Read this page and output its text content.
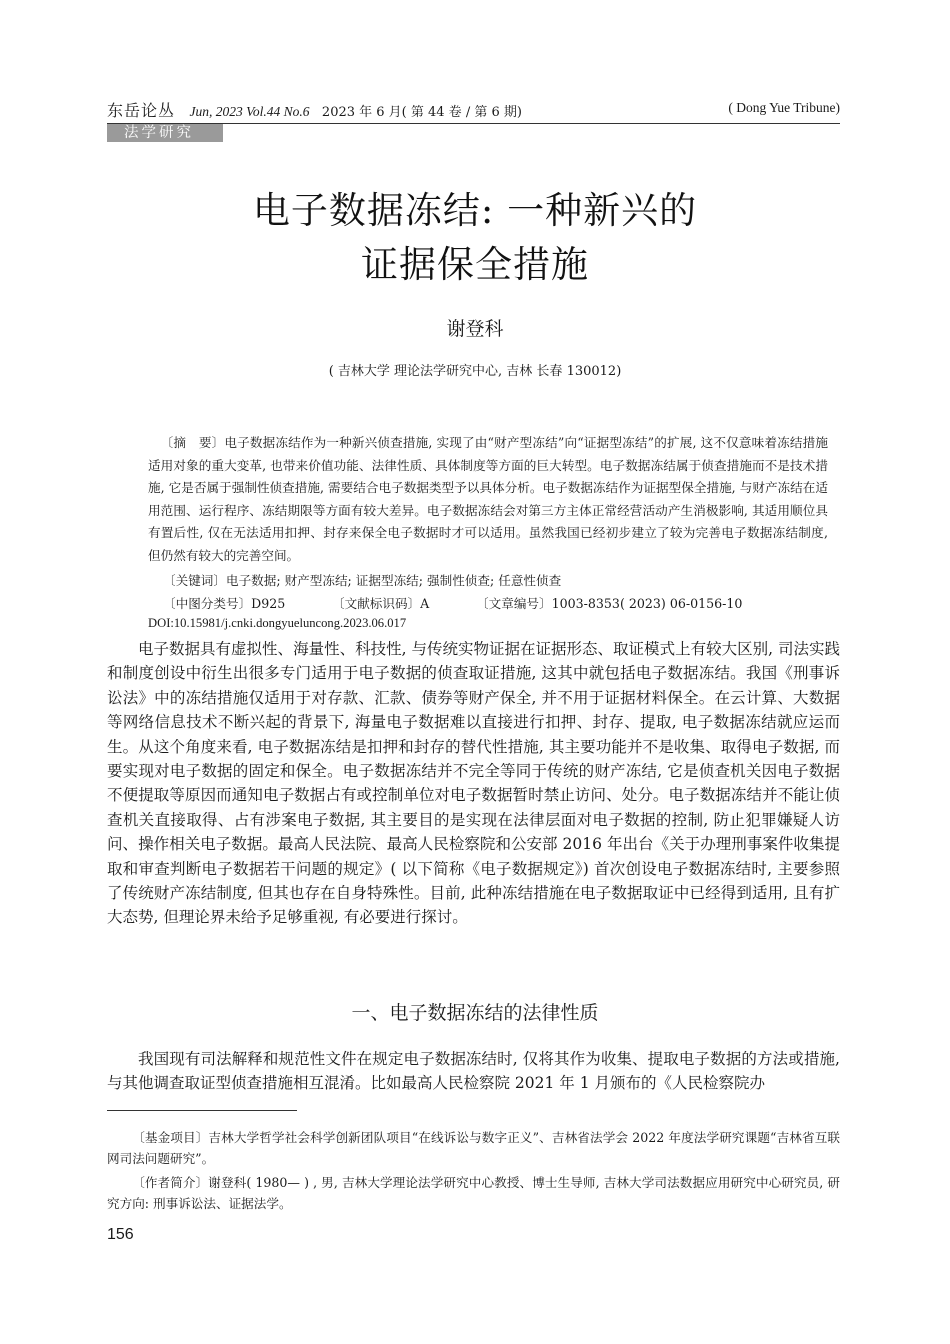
东岳论丛 Jun, 2023 Vol.44 No.6 2023 年 6 月( 第 44 卷 / 第 6 期)	( Dong Yue Tribune)
法学研究
电子数据冻结: 一种新兴的
证据保全措施
谢登科
( 吉林大学 理论法学研究中心, 吉林 长春 130012)

〔摘　要〕电子数据冻结作为一种新兴侦查措施, 实现了由“财产型冻结”向“证据型冻结”的扩展, 这不仅意味着冻结措施适用对象的重大变革, 也带来价值功能、法律性质、具体制度等方面的巨大转型。电子数据冻结属于侦查措施而不是技术措施, 它是否属于强制性侦查措施, 需要结合电子数据类型予以具体分析。电子数据冻结作为证据型保全措施, 与财产冻结在适用范围、运行程序、冻结期限等方面有较大差异。电子数据冻结会对第三方主体正常经营活动产生消极影响, 其适用顺位具有置后性, 仅在无法适用扣押、封存来保全电子数据时才可以适用。虽然我国已经初步建立了较为完善电子数据冻结制度, 但仍然有较大的完善空间。

〔关键词〕电子数据; 财产型冻结; 证据型冻结; 强制性侦查; 任意性侦查
〔中图分类号〕D925	〔文献标识码〕A	〔文章编号〕1003-8353( 2023) 06-0156-10
DOI:10.15981/j.cnki.dongyueluncong.2023.06.017

电子数据具有虚拟性、海量性、科技性, 与传统实物证据在证据形态、取证模式上有较大区别, 司法实践和制度创设中衍生出很多专门适用于电子数据的侦查取证措施, 这其中就包括电子数据冻结。我国《刑事诉讼法》中的冻结措施仅适用于对存款、汇款、债券等财产保全, 并不用于证据材料保全。在云计算、大数据等网络信息技术不断兴起的背景下, 海量电子数据难以直接进行扣押、封存、提取, 电子数据冻结就应运而生。从这个角度来看, 电子数据冻结是扣押和封存的替代性措施, 其主要功能并不是收集、取得电子数据, 而要实现对电子数据的固定和保全。电子数据冻结并不完全等同于传统的财产冻结, 它是侦查机关因电子数据不便提取等原因而通知电子数据占有或控制单位对电子数据暂时禁止访问、处分。电子数据冻结并不能让侦查机关直接取得、占有涉案电子数据, 其主要目的是实现在法律层面对电子数据的控制, 防止犯罪嫌疑人访问、操作相关电子数据。最高人民法院、最高人民检察院和公安部 2016 年出台《关于办理刑事案件收集提取和审查判断电子数据若干问题的规定》( 以下简称《电子数据规定》) 首次创设电子数据冻结时, 主要参照了传统财产冻结制度, 但其也存在自身特殊性。目前, 此种冻结措施在电子数据取证中已经得到适用, 且有扩大态势, 但理论界未给予足够重视, 有必要进行探讨。

一、电子数据冻结的法律性质

我国现有司法解释和规范性文件在规定电子数据冻结时, 仅将其作为收集、提取电子数据的方法或措施, 与其他调查取证型侦查措施相互混淆。比如最高人民检察院 2021 年 1 月颁布的《人民检察院办

〔基金项目〕吉林大学哲学社会科学创新团队项目“在线诉讼与数字正义”、吉林省法学会 2022 年度法学研究课题“吉林省互联网司法问题研究”。

〔作者简介〕谢登科( 1980— ) , 男, 吉林大学理论法学研究中心教授、博士生导师, 吉林大学司法数据应用研究中心研究员, 研究方向: 刑事诉讼法、证据法学。

156
